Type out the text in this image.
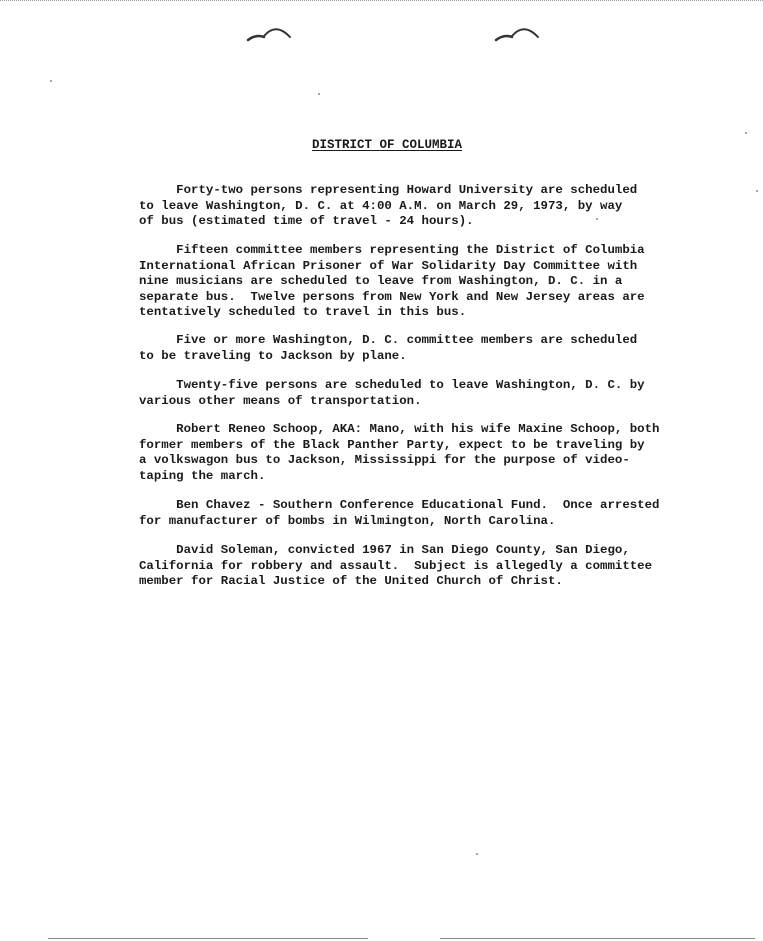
DISTRICT OF COLUMBIA

Forty-two persons representing Howard University are scheduled
to leave Washington, D. C. at 4:00 A.M. on March 29, 1973, by way
of bus (estimated time of travel - 24 hours).

Fifteen committee members representing the District of Columbia
International African Prisoner of War Solidarity Day Committee with
nine musicians are scheduled to leave from Washington, D. C. in a
separate bus.  Twelve persons from New York and New Jersey areas are
tentatively scheduled to travel in this bus.

Five or more Washington, D. C. committee members are scheduled
to be traveling to Jackson by plane.

Twenty-five persons are scheduled to leave Washington, D. C. by
various other means of transportation.

Robert Reneo Schoop, AKA: Mano, with his wife Maxine Schoop, both
former members of the Black Panther Party, expect to be traveling by
a volkswagon bus to Jackson, Mississippi for the purpose of video-
taping the march.

Ben Chavez - Southern Conference Educational Fund.  Once arrested
for manufacturer of bombs in Wilmington, North Carolina.

David Soleman, convicted 1967 in San Diego County, San Diego,
California for robbery and assault.  Subject is allegedly a committee
member for Racial Justice of the United Church of Christ.
